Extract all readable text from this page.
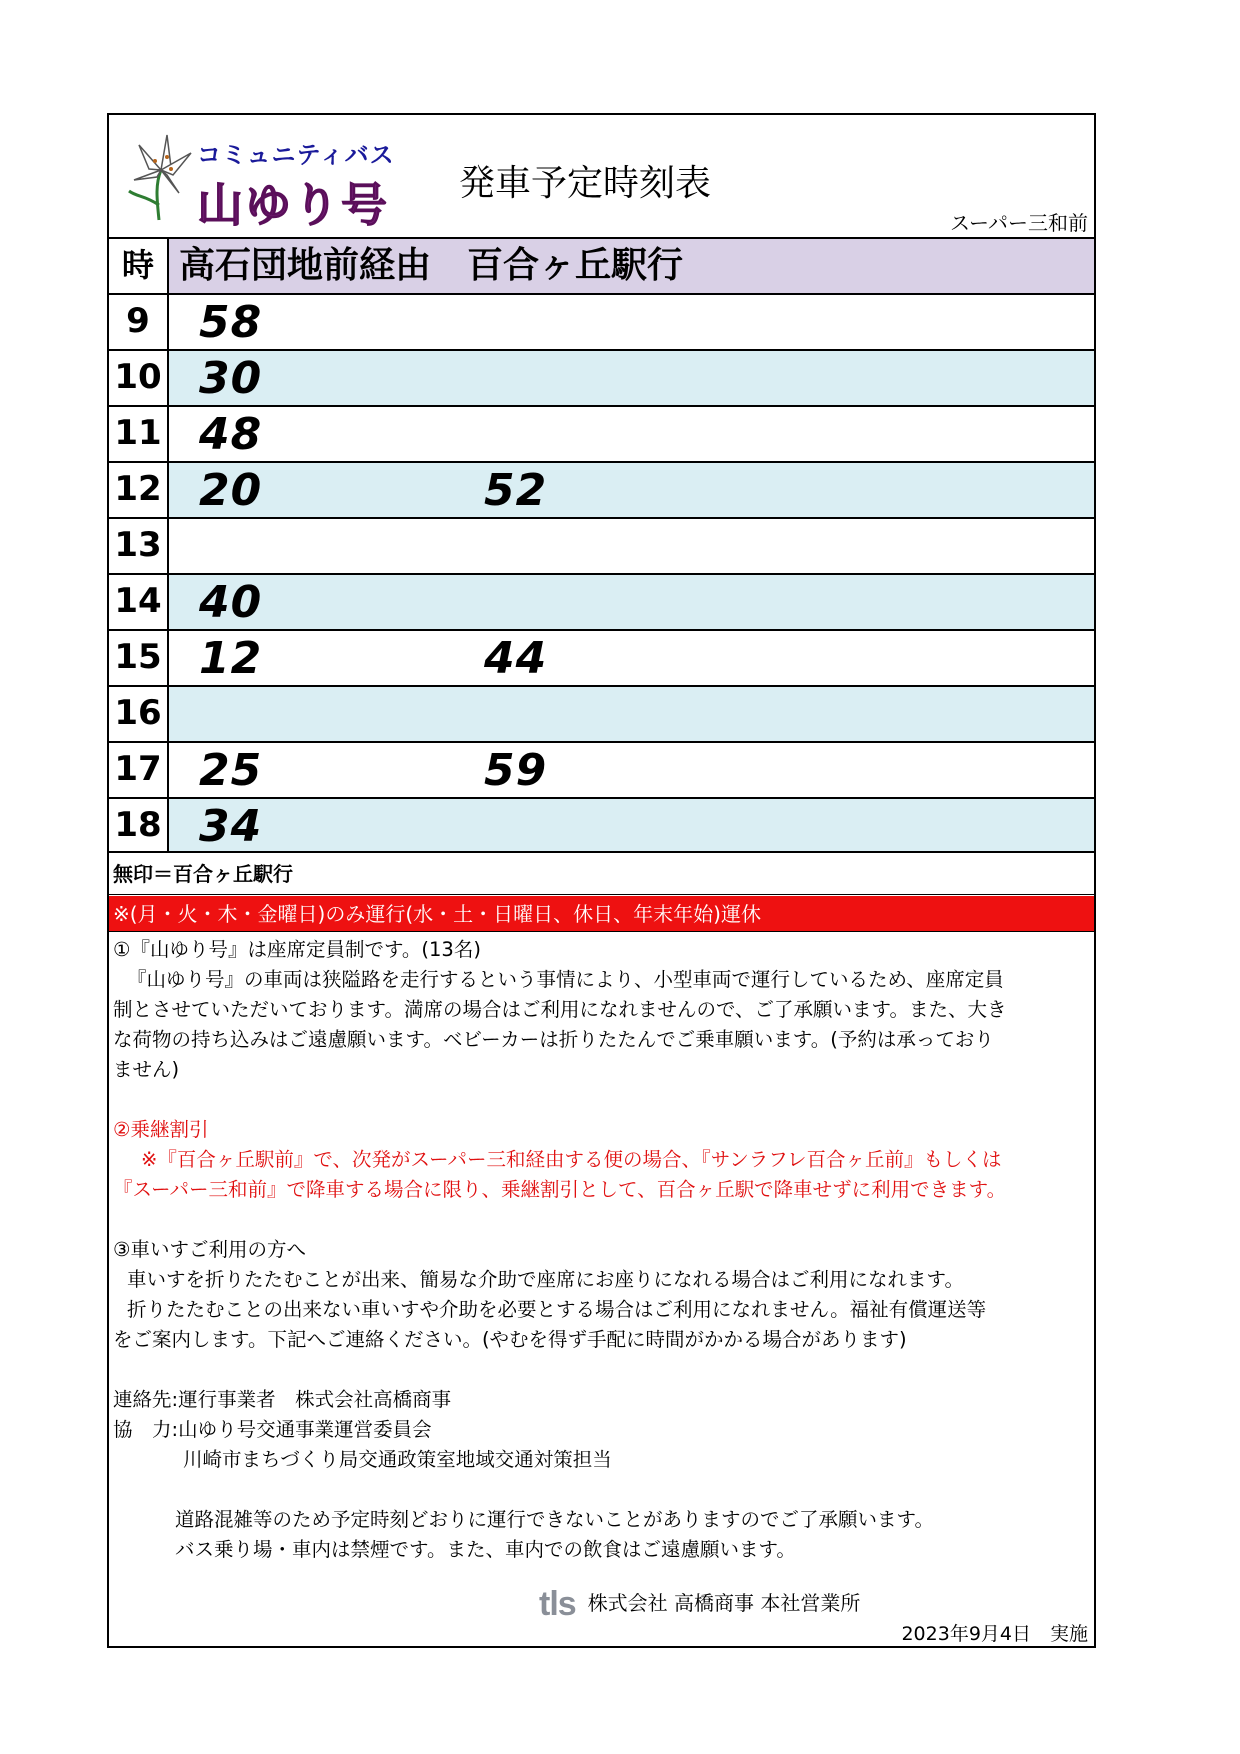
コミュニティバス
山ゆり号 発車予定時刻表
スーパー三和前
時 高石団地前経由　百合ヶ丘駅行
9	58
10 30
11 48
12 20	52
13
14 40
15 12	44
16
17 25	59
18 34
無印＝百合ヶ丘駅行
※(月・火・木・金曜日)のみ運行(水・土・日曜日、休日、年末年始)運休

①『山ゆり号』は座席定員制です。(13名)

『山ゆり号』の車両は狭隘路を走行するという事情により、小型車両で運行しているため、座席定員

制とさせていただいております。満席の場合はご利用になれませんので、ご了承願います。また、大き

な荷物の持ち込みはご遠慮願います。ベビーカーは折りたたんでご乗車願います。(予約は承っており

ません)

②乗継割引

※『百合ヶ丘駅前』で、次発がスーパー三和経由する便の場合、『サンラフレ百合ヶ丘前』もしくは

『スーパー三和前』で降車する場合に限り、乗継割引として、百合ヶ丘駅で降車せずに利用できます。

③車いすご利用の方へ

車いすを折りたたむことが出来、簡易な介助で座席にお座りになれる場合はご利用になれます。

折りたたむことの出来ない車いすや介助を必要とする場合はご利用になれません。福祉有償運送等

をご案内します。下記へご連絡ください。(やむを得ず手配に時間がかかる場合があります)

連絡先:運行事業者　株式会社高橋商事

協　力:山ゆり号交通事業運営委員会

川崎市まちづくり局交通政策室地域交通対策担当

道路混雑等のため予定時刻どおりに運行できないことがありますのでご了承願います。

バス乗り場・車内は禁煙です。また、車内での飲食はご遠慮願います。

tls 株式会社 高橋商事 本社営業所
2023年9月4日　実施
